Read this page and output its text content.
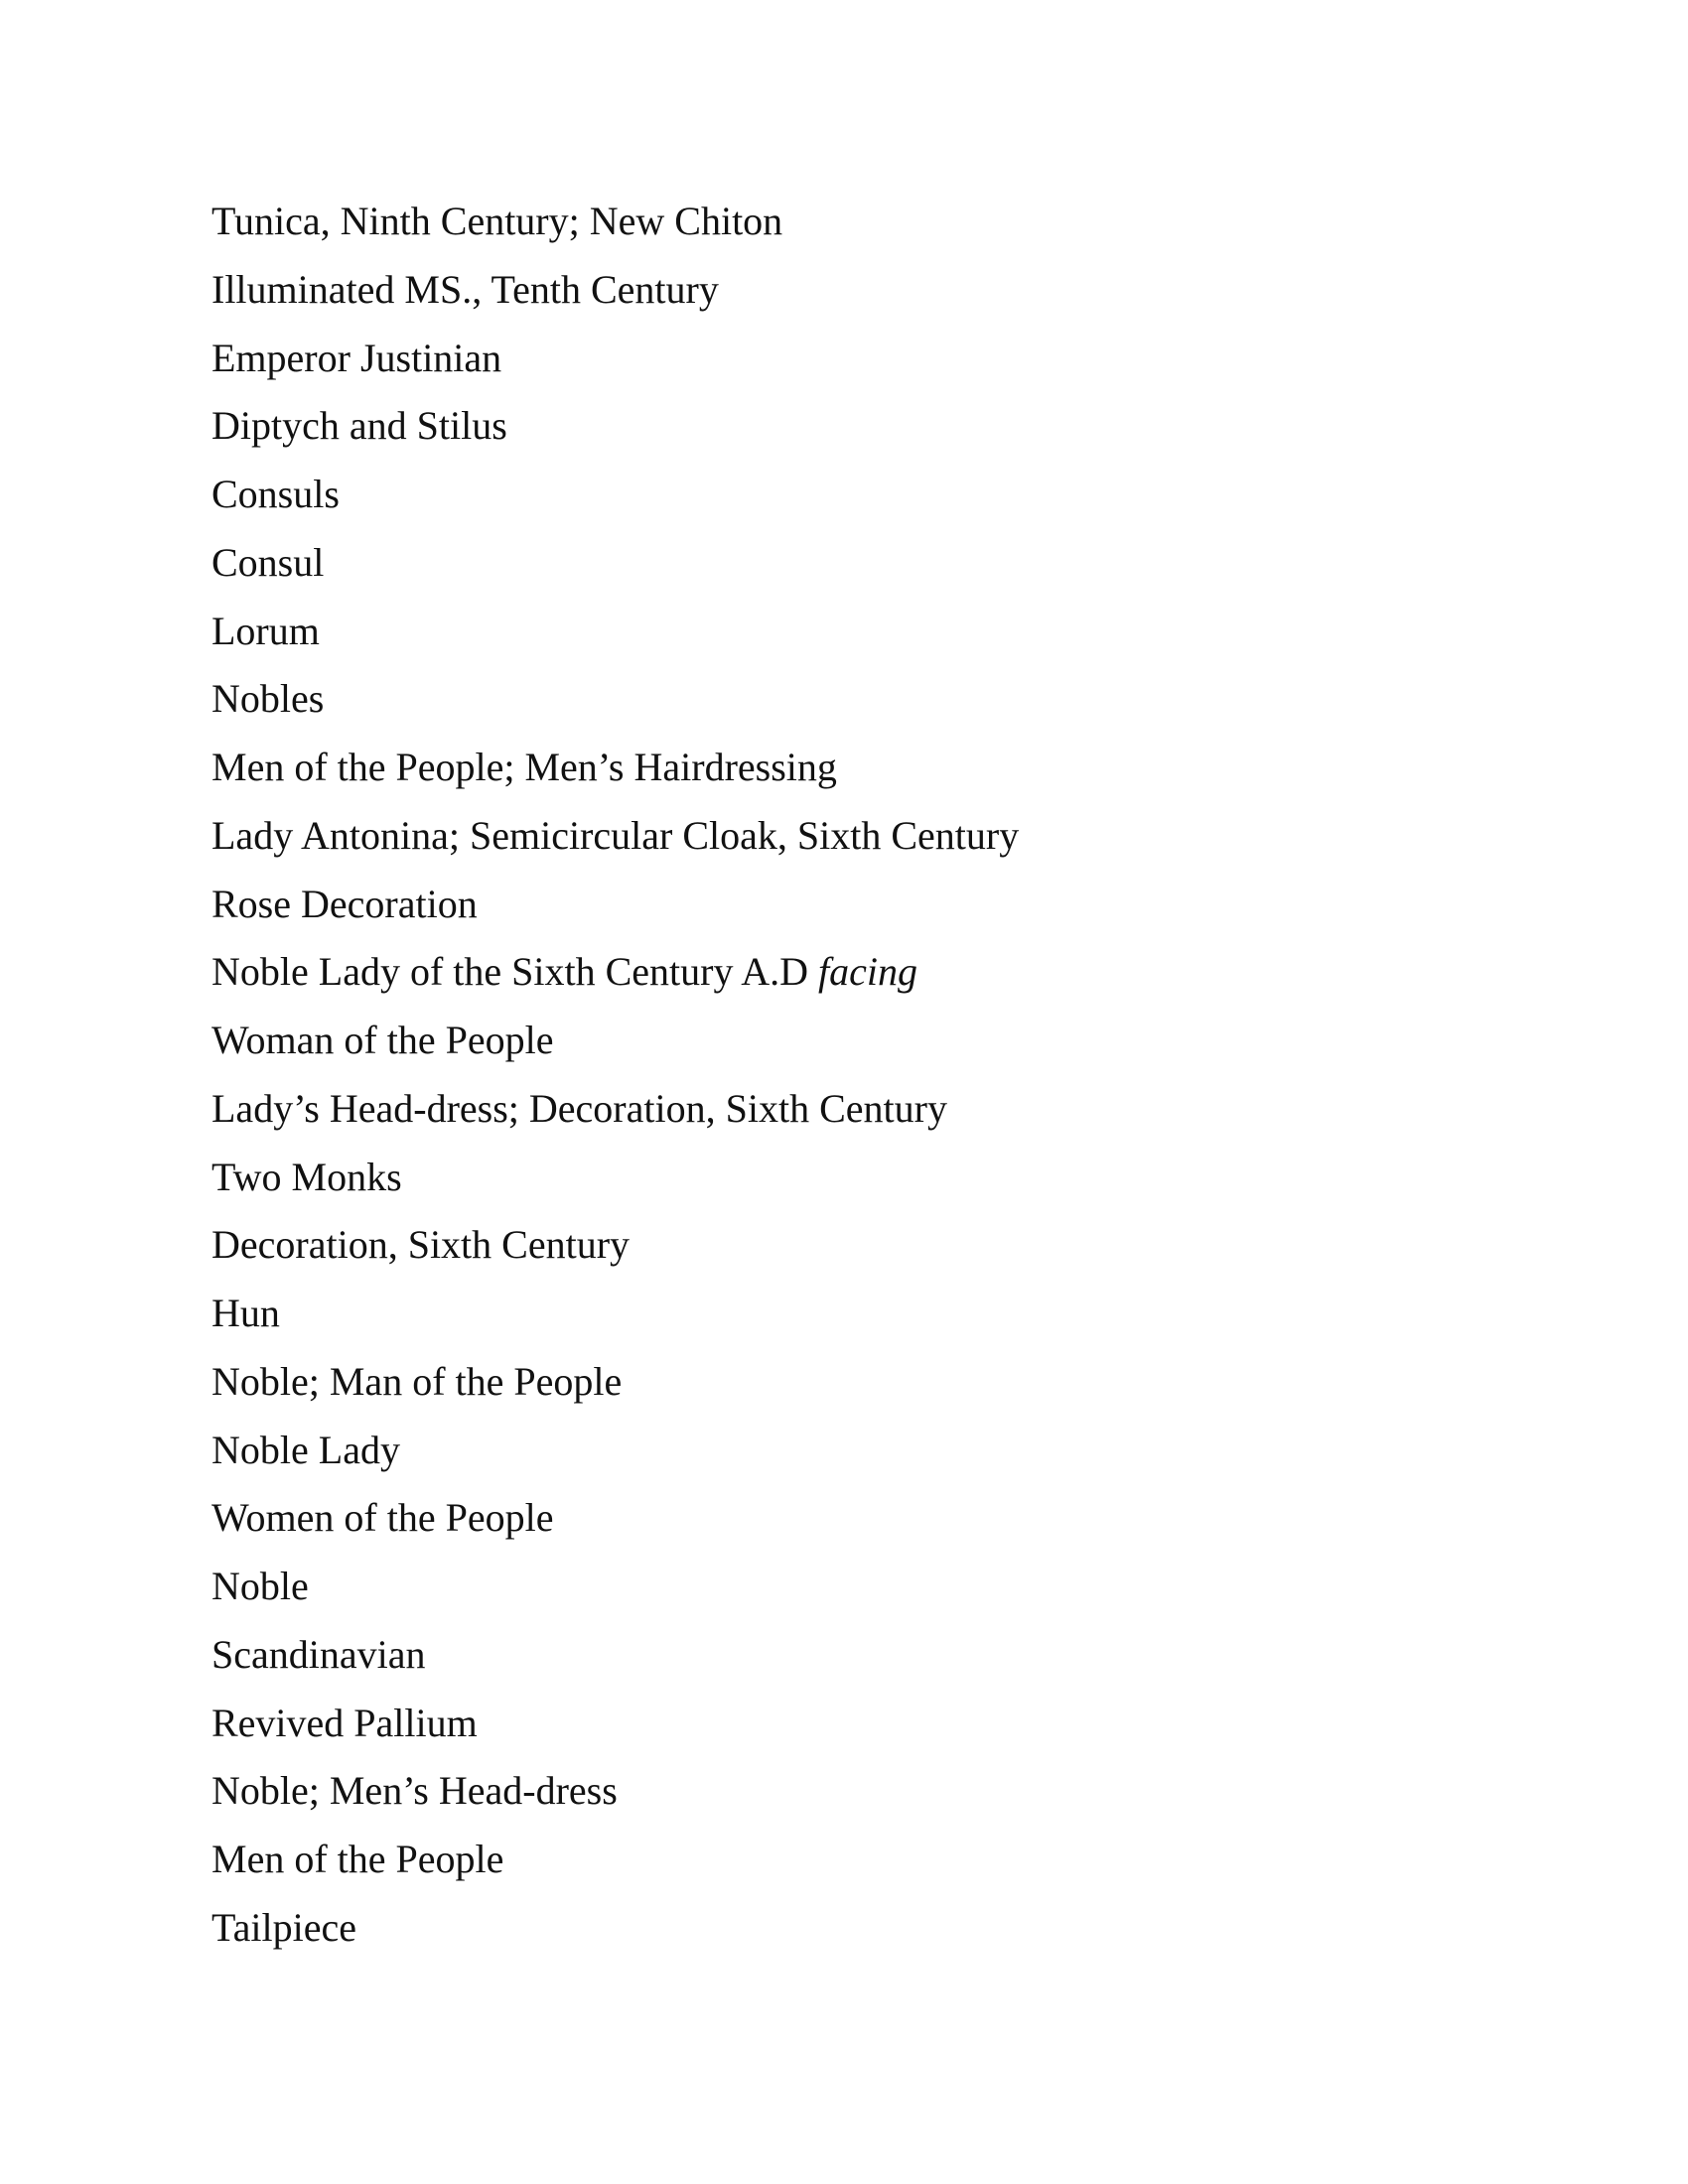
Tunica, Ninth Century; New Chiton
Illuminated MS., Tenth Century
Emperor Justinian
Diptych and Stilus
Consuls
Consul
Lorum
Nobles
Men of the People; Men’s Hairdressing
Lady Antonina; Semicircular Cloak, Sixth Century
Rose Decoration
Noble Lady of the Sixth Century A.D facing
Woman of the People
Lady’s Head-dress; Decoration, Sixth Century
Two Monks
Decoration, Sixth Century
Hun
Noble; Man of the People
Noble Lady
Women of the People
Noble
Scandinavian
Revived Pallium
Noble; Men’s Head-dress
Men of the People
Tailpiece
